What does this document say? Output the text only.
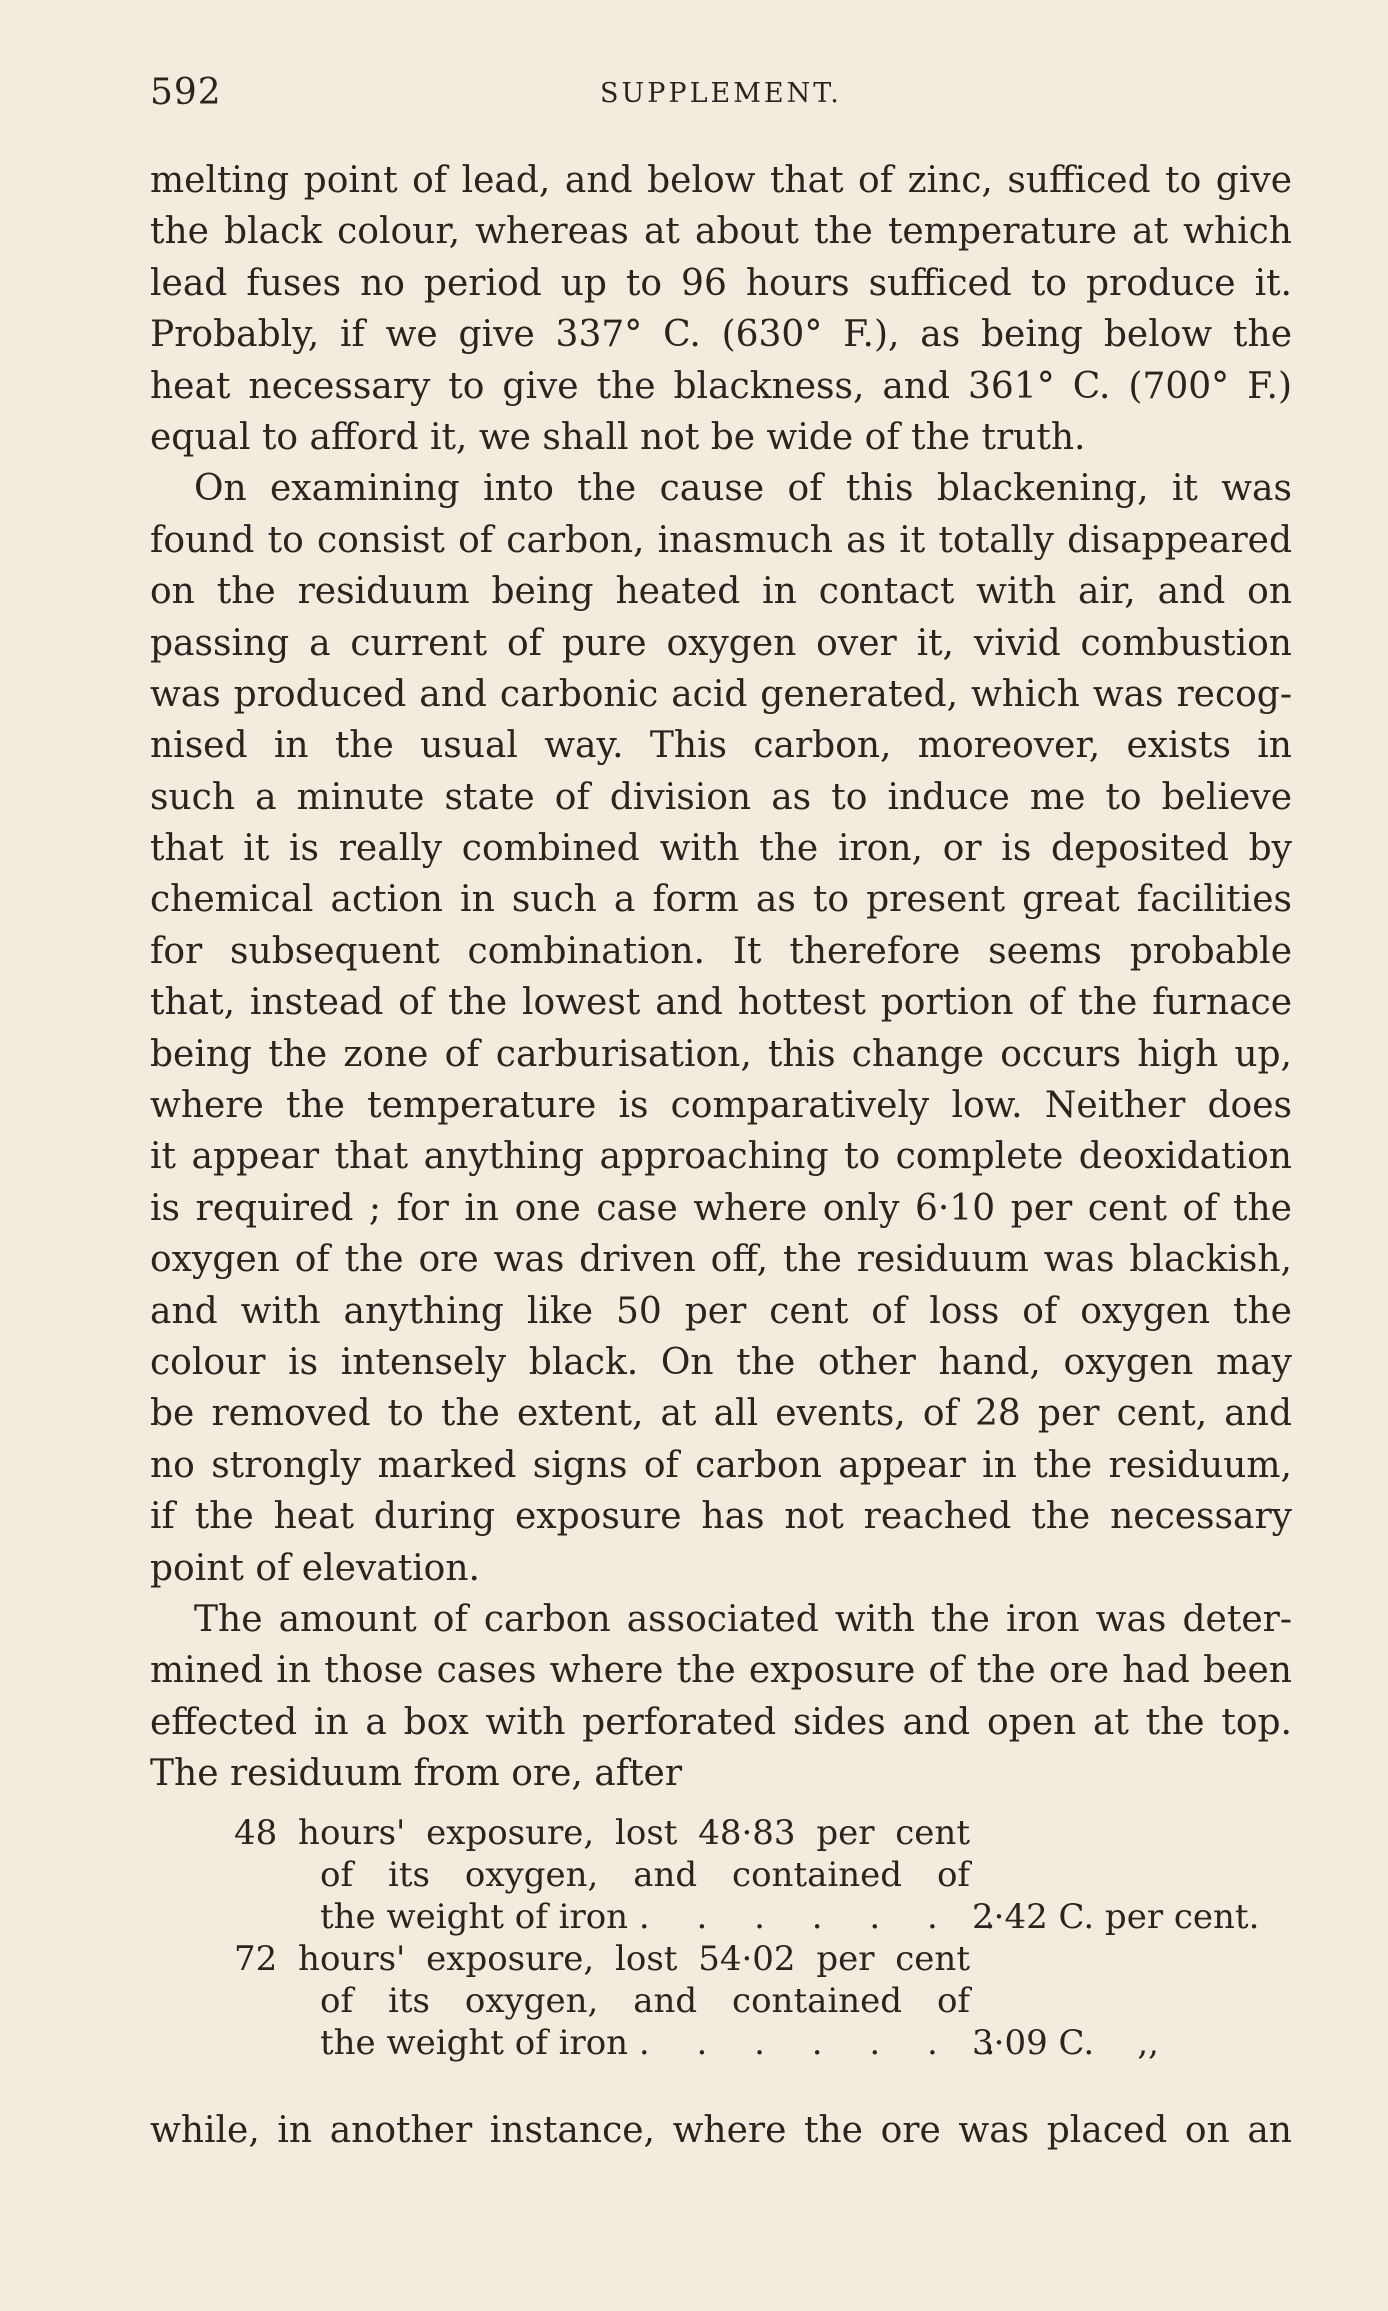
592	SUPPLEMENT.
melting point of lead, and below that of zinc, sufficed to give
the black colour, whereas at about the temperature at which
lead fuses no period up to 96 hours sufficed to produce it.
Probably, if we give 337° C. (630° F.), as being below the
heat necessary to give the blackness, and 361° C. (700° F.)
equal to afford it, we shall not be wide of the truth.
On examining into the cause of this blackening, it was
found to consist of carbon, inasmuch as it totally disappeared
on the residuum being heated in contact with air, and on
passing a current of pure oxygen over it, vivid combustion
was produced and carbonic acid generated, which was recog-
nised in the usual way. This carbon, moreover, exists in
such a minute state of division as to induce me to believe
that it is really combined with the iron, or is deposited by
chemical action in such a form as to present great facilities
for subsequent combination. It therefore seems probable
that, instead of the lowest and hottest portion of the furnace
being the zone of carburisation, this change occurs high up,
where the temperature is comparatively low. Neither does
it appear that anything approaching to complete deoxidation
is required ; for in one case where only 6·10 per cent of the
oxygen of the ore was driven off, the residuum was blackish,
and with anything like 50 per cent of loss of oxygen the
colour is intensely black. On the other hand, oxygen may
be removed to the extent, at all events, of 28 per cent, and
no strongly marked signs of carbon appear in the residuum,
if the heat during exposure has not reached the necessary
point of elevation.
The amount of carbon associated with the iron was deter-
mined in those cases where the exposure of the ore had been
effected in a box with perforated sides and open at the top.
The residuum from ore, after
48 hours' exposure, lost 48·83 per cent
of its oxygen, and contained of
the weight of iron . . . . . . .
2·42 C. per cent.
72 hours' exposure, lost 54·02 per cent
of its oxygen, and contained of
the weight of iron . . . . . . .
3·09 C.    ,,
while, in another instance, where the ore was placed on an
